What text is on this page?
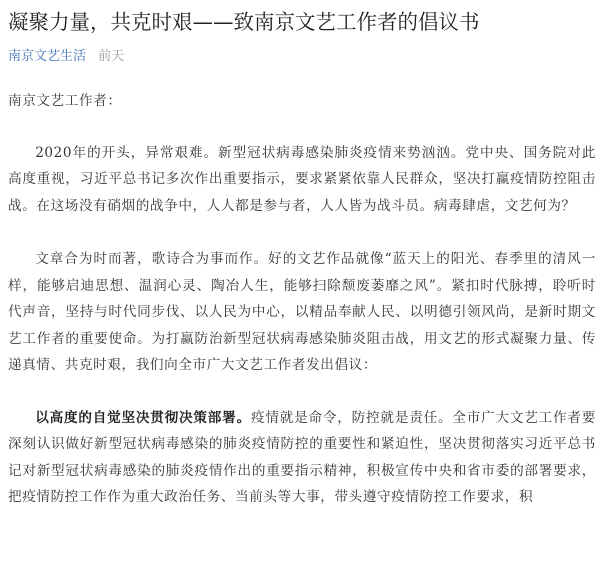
凝聚力量，共克时艰——致南京文艺工作者的倡议书
南京文艺生活 前天

南京文艺工作者：

2020年的开头，异常艰难。新型冠状病毒感染肺炎疫情来势汹汹。党中央、国务院对此高度重视，习近平总书记多次作出重要指示，要求紧紧依靠人民群众，坚决打赢疫情防控阻击战。在这场没有硝烟的战争中，人人都是参与者，人人皆为战斗员。病毒肆虐，文艺何为？

文章合为时而著，歌诗合为事而作。好的文艺作品就像“蓝天上的阳光、春季里的清风一样，能够启迪思想、温润心灵、陶冶人生，能够扫除颓废萎靡之风”。紧扣时代脉搏，聆听时代声音，坚持与时代同步伐、以人民为中心，以精品奉献人民、以明德引领风尚，是新时期文艺工作者的重要使命。为打赢防治新型冠状病毒感染肺炎阻击战，用文艺的形式凝聚力量、传递真情、共克时艰，我们向全市广大文艺工作者发出倡议：

以高度的自觉坚决贯彻决策部署。疫情就是命令，防控就是责任。全市广大文艺工作者要深刻认识做好新型冠状病毒感染的肺炎疫情防控的重要性和紧迫性，坚决贯彻落实习近平总书记对新型冠状病毒感染的肺炎疫情作出的重要指示精神，积极宣传中央和省市委的部署要求，把疫情防控工作作为重大政治任务、当前头等大事，带头遵守疫情防控工作要求，积
